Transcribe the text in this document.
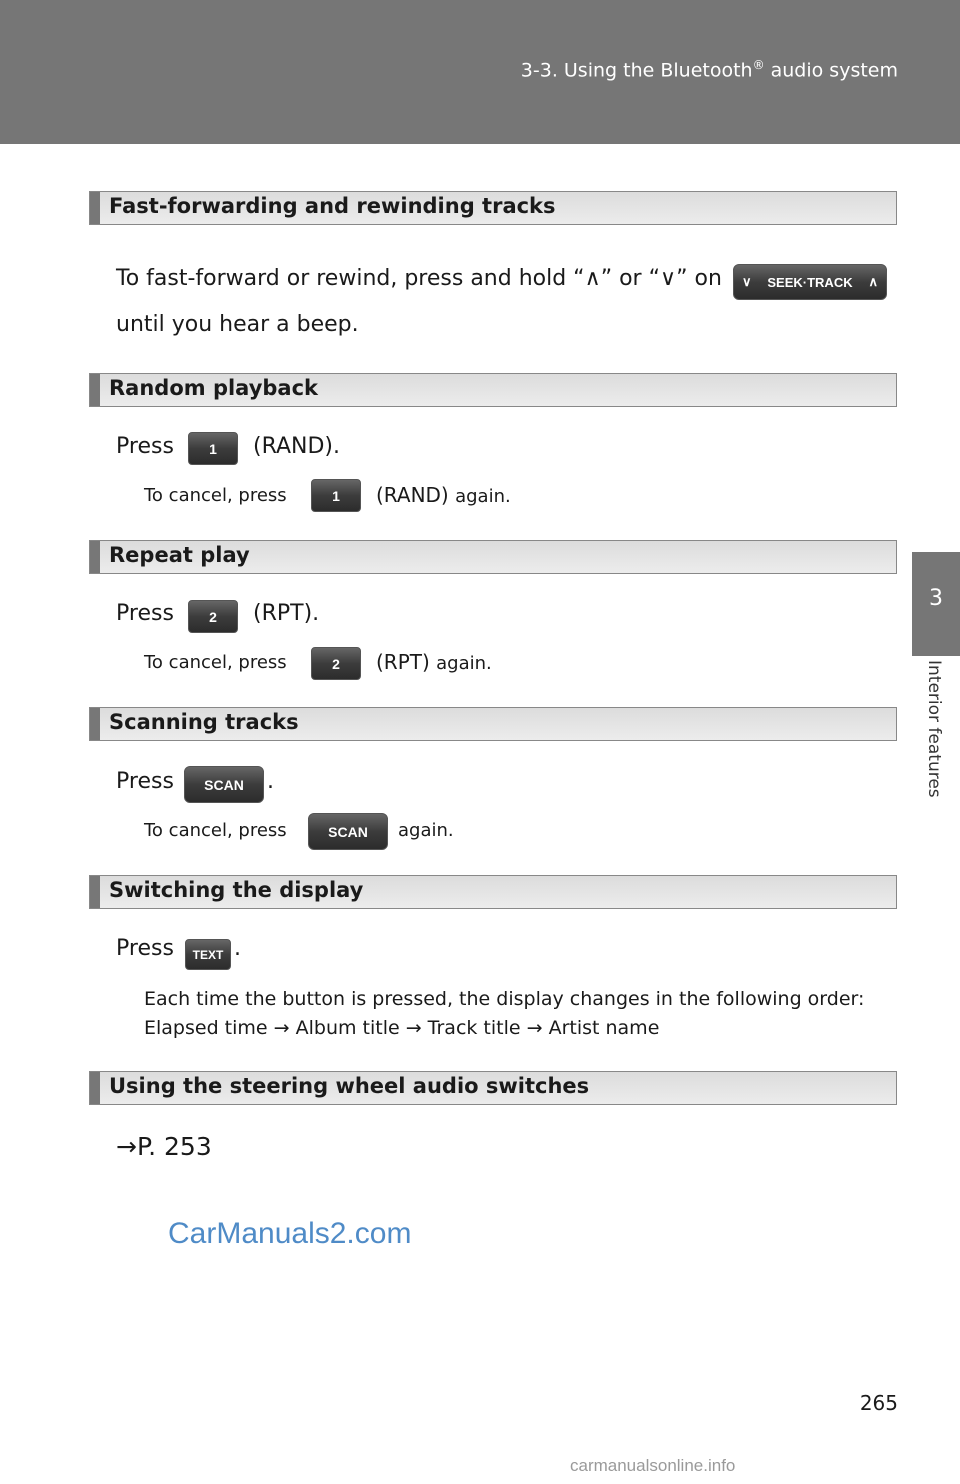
3-3. Using the Bluetooth® audio system
3
Interior features
Fast-forwarding and rewinding tracks
To fast-forward or rewind, press and hold “∧” or “∨” on ∨ SEEK·TRACK ∧
until you hear a beep.
Random playback
Press	1	(RAND).
To cancel, press	1	(RAND) again.
Repeat play
Press	2	(RPT).
To cancel, press	2	(RPT) again.
Scanning tracks
Press	SCAN	.
To cancel, press	SCAN	again.
Switching the display
Press	TEXT .
Each time the button is pressed, the display changes in the following order:
Elapsed time → Album title → Track title → Artist name
Using the steering wheel audio switches
→P. 253
CarManuals2.com
265
carmanualsonline.info
